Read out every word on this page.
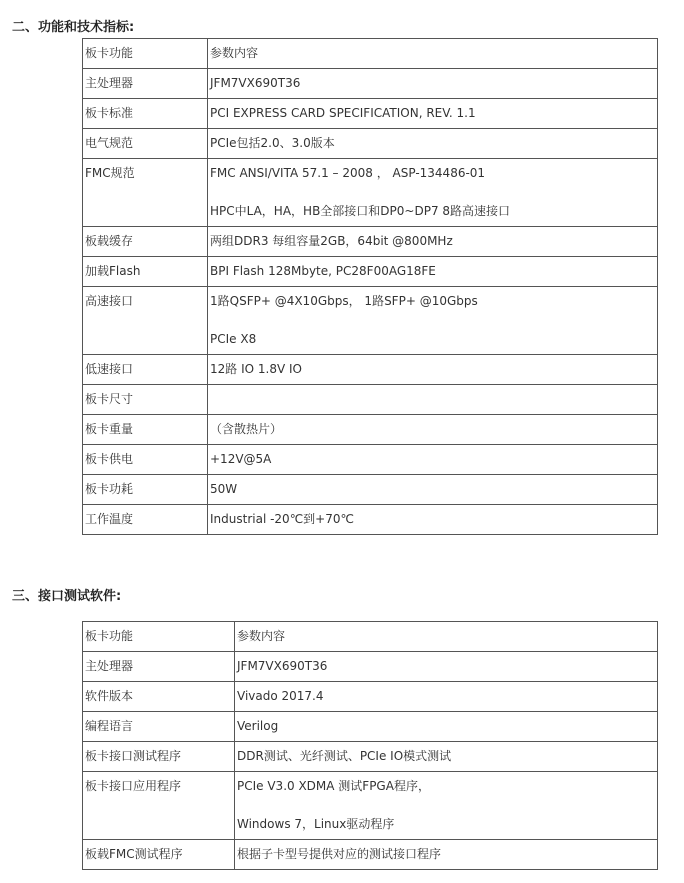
二、功能和技术指标:
板卡功能	参数内容

主处理器	JFM7VX690T36

板卡标准	PCI EXPRESS CARD SPECIFICATION, REV. 1.1

电气规范	PCIe包括2.0、3.0版本

FMC规范	FMC ANSI/VITA 57.1 – 2008 ， ASP-134486-01
HPC中LA，HA，HB全部接口和DP0~DP7 8路高速接口

板载缓存	两组DDR3 每组容量2GB，64bit @800MHz

加载Flash	BPI Flash 128Mbyte, PC28F00AG18FE

高速接口	1路QSFP+ @4X10Gbps， 1路SFP+ @10Gbps
PCIe X8

低速接口	12路 IO 1.8V IO

板卡尺寸	

板卡重量	（含散热片）

板卡供电	+12V@5A

板卡功耗	50W

工作温度	Industrial -20℃到+70℃
三、接口测试软件:
板卡功能	参数内容

主处理器	JFM7VX690T36

软件版本	Vivado 2017.4

编程语言	Verilog

板卡接口测试程序	DDR测试、光纤测试、PCIe IO模式测试

板卡接口应用程序	PCIe V3.0 XDMA 测试FPGA程序，
Windows 7，Linux驱动程序

板载FMC测试程序	根据子卡型号提供对应的测试接口程序
